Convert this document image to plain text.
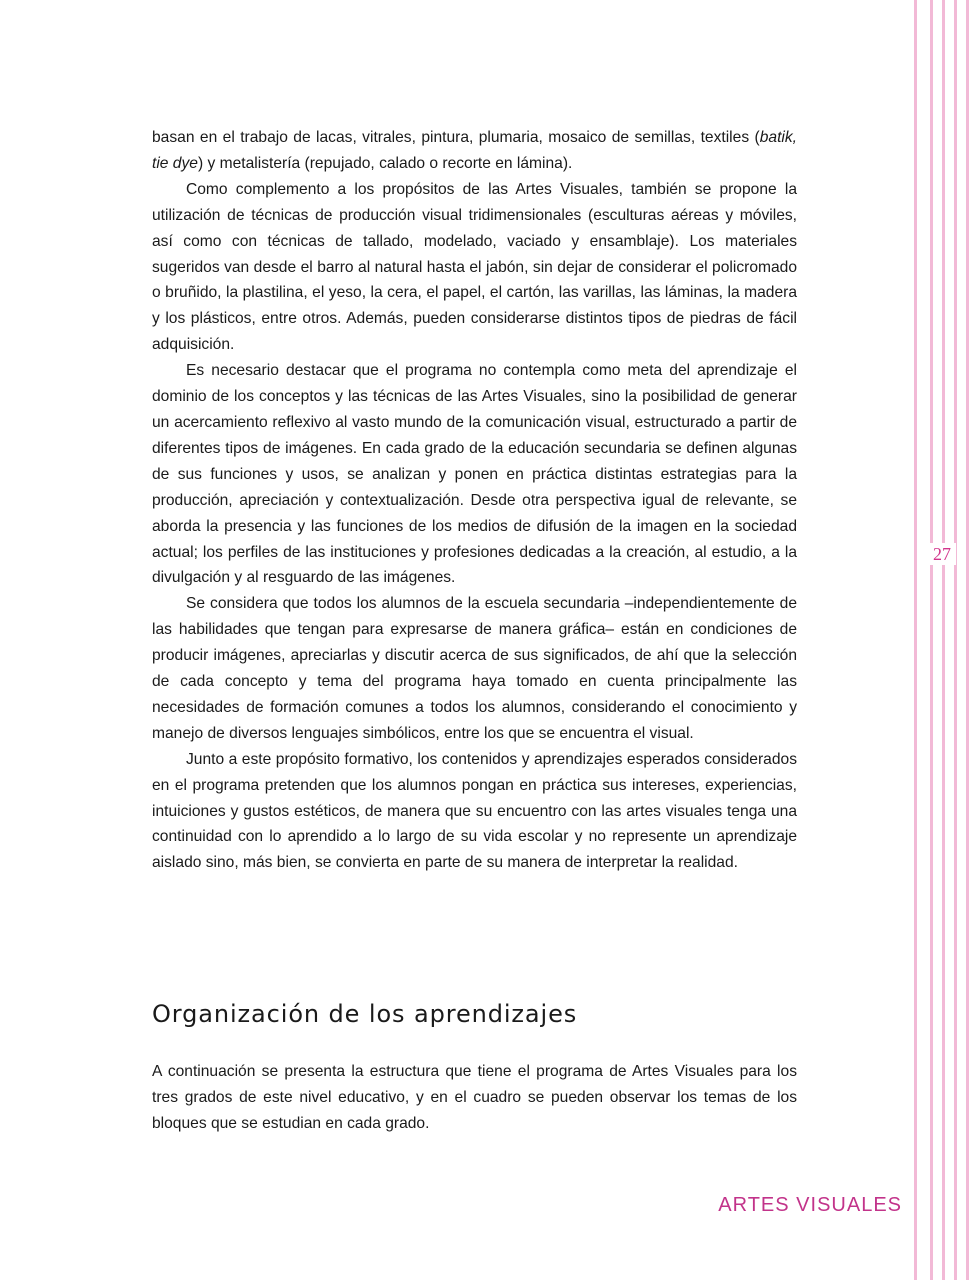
27

basan en el trabajo de lacas, vitrales, pintura, plumaria, mosaico de semillas, textiles (batik, tie dye) y metalistería (repujado, calado o recorte en lámina).

Como complemento a los propósitos de las Artes Visuales, también se propone la utilización de técnicas de producción visual tridimensionales (esculturas aéreas y móviles, así como con técnicas de tallado, modelado, vaciado y ensamblaje). Los materiales sugeridos van desde el barro al natural hasta el jabón, sin dejar de considerar el policromado o bruñido, la plastilina, el yeso, la cera, el papel, el cartón, las varillas, las láminas, la madera y los plásticos, entre otros. Además, pueden considerarse distintos tipos de piedras de fácil adquisición.

Es necesario destacar que el programa no contempla como meta del aprendizaje el dominio de los conceptos y las técnicas de las Artes Visuales, sino la posibilidad de generar un acercamiento reflexivo al vasto mundo de la comunicación visual, estructurado a partir de diferentes tipos de imágenes. En cada grado de la educación secundaria se definen algunas de sus funciones y usos, se analizan y ponen en práctica distintas estrategias para la producción, apreciación y contextualización. Desde otra perspectiva igual de relevante, se aborda la presencia y las funciones de los medios de difusión de la imagen en la sociedad actual; los perfiles de las instituciones y profesiones dedicadas a la creación, al estudio, a la divulgación y al resguardo de las imágenes.

Se considera que todos los alumnos de la escuela secundaria –independientemente de las habilidades que tengan para expresarse de manera gráfica– están en condiciones de producir imágenes, apreciarlas y discutir acerca de sus significados, de ahí que la selección de cada concepto y tema del programa haya tomado en cuenta principalmente las necesidades de formación comunes a todos los alumnos, considerando el conocimiento y manejo de diversos lenguajes simbólicos, entre los que se encuentra el visual.

Junto a este propósito formativo, los contenidos y aprendizajes esperados considerados en el programa pretenden que los alumnos pongan en práctica sus intereses, experiencias, intuiciones y gustos estéticos, de manera que su encuentro con las artes visuales tenga una continuidad con lo aprendido a lo largo de su vida escolar y no represente un aprendizaje aislado sino, más bien, se convierta en parte de su manera de interpretar la realidad.

Organización de los aprendizajes

A continuación se presenta la estructura que tiene el programa de Artes Visuales para los tres grados de este nivel educativo, y en el cuadro se pueden observar los temas de los bloques que se estudian en cada grado.

ARTES VISUALES
